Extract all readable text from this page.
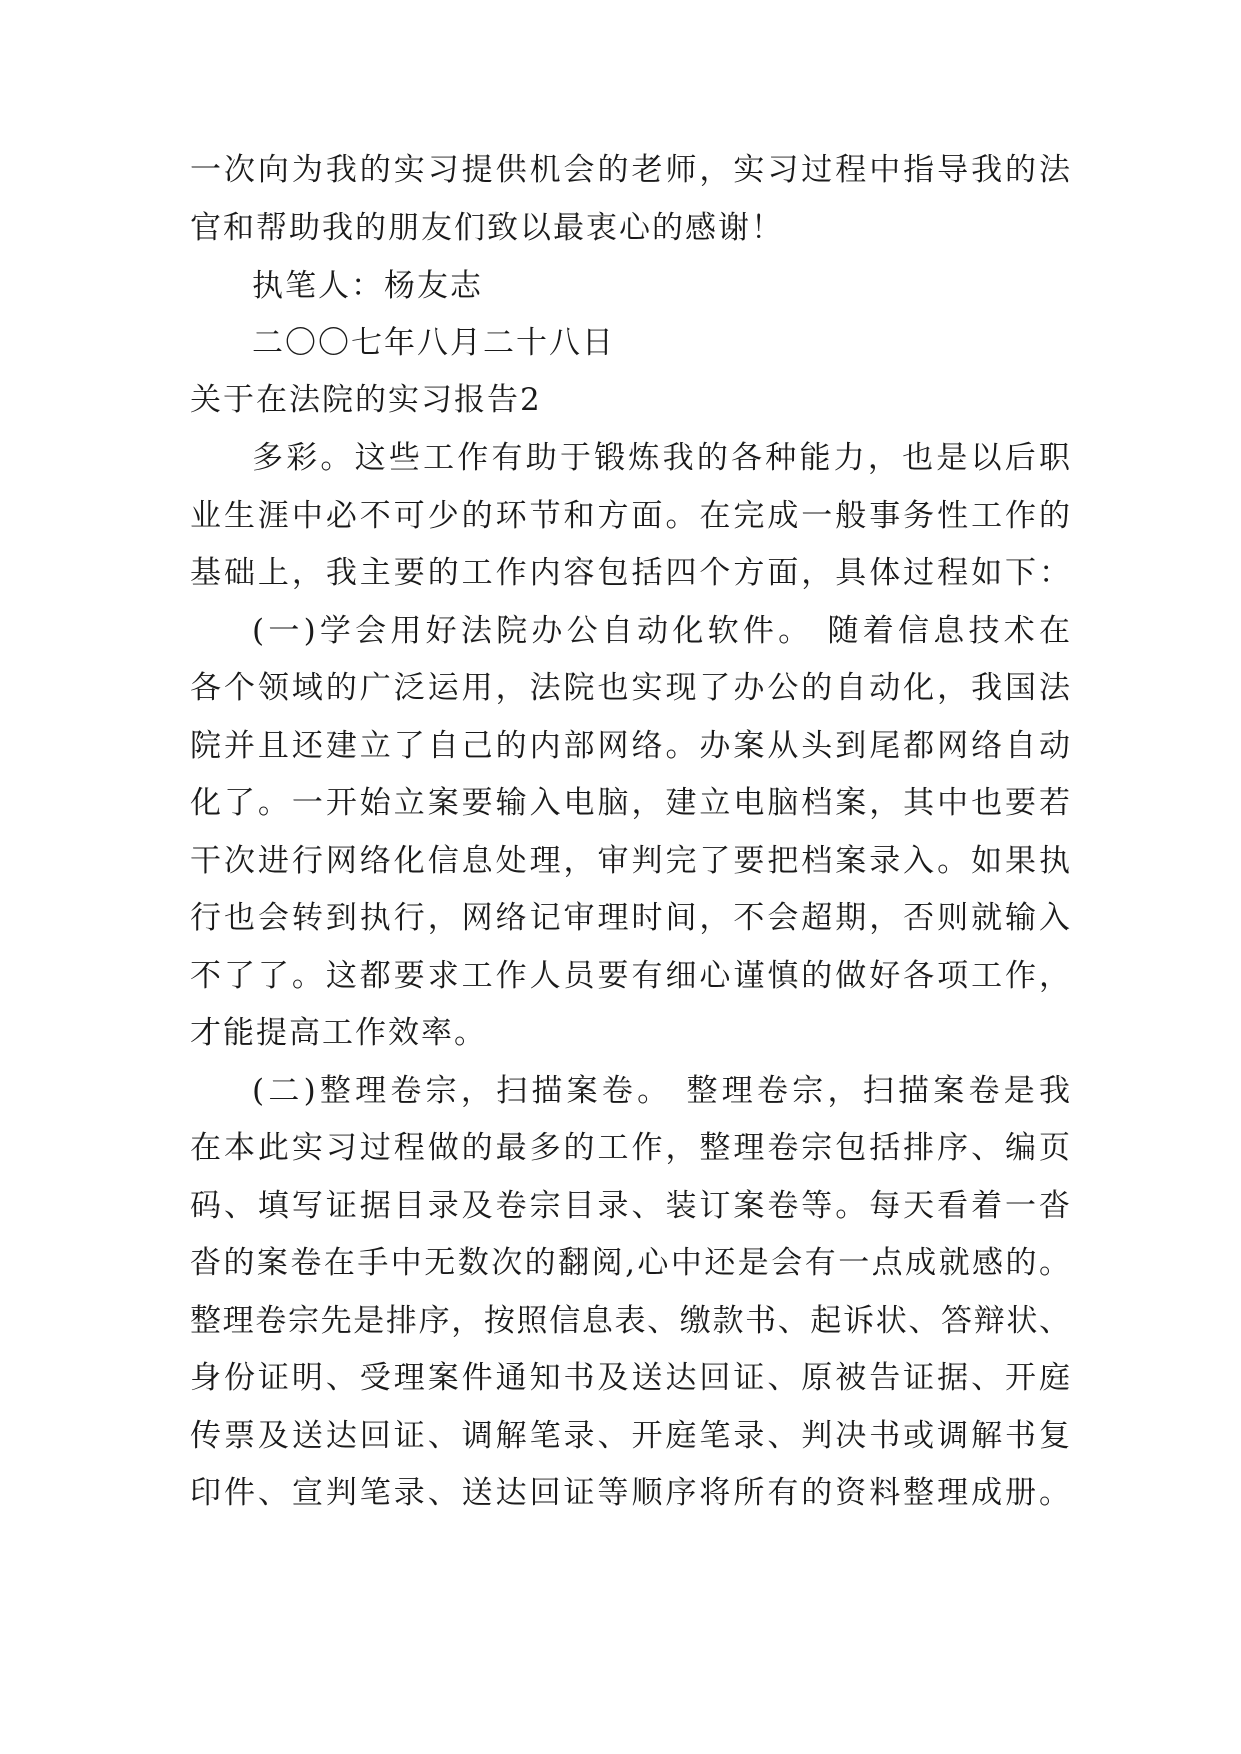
一次向为我的实习提供机会的老师，实习过程中指导我的法
官和帮助我的朋友们致以最衷心的感谢！
执笔人：杨友志
二〇〇七年八月二十八日
关于在法院的实习报告2
多彩。这些工作有助于锻炼我的各种能力，也是以后职
业生涯中必不可少的环节和方面。在完成一般事务性工作的
基础上，我主要的工作内容包括四个方面，具体过程如下：
(一)学会用好法院办公自动化软件。 随着信息技术在
各个领域的广泛运用，法院也实现了办公的自动化，我国法
院并且还建立了自己的内部网络。办案从头到尾都网络自动
化了。一开始立案要输入电脑，建立电脑档案，其中也要若
干次进行网络化信息处理，审判完了要把档案录入。如果执
行也会转到执行，网络记审理时间，不会超期，否则就输入
不了了。这都要求工作人员要有细心谨慎的做好各项工作，
才能提高工作效率。
(二)整理卷宗，扫描案卷。 整理卷宗，扫描案卷是我
在本此实习过程做的最多的工作，整理卷宗包括排序、编页
码、填写证据目录及卷宗目录、装订案卷等。每天看着一沓
沓的案卷在手中无数次的翻阅,心中还是会有一点成就感的。
整理卷宗先是排序，按照信息表、缴款书、起诉状、答辩状、
身份证明、受理案件通知书及送达回证、原被告证据、开庭
传票及送达回证、调解笔录、开庭笔录、判决书或调解书复
印件、宣判笔录、送达回证等顺序将所有的资料整理成册。
